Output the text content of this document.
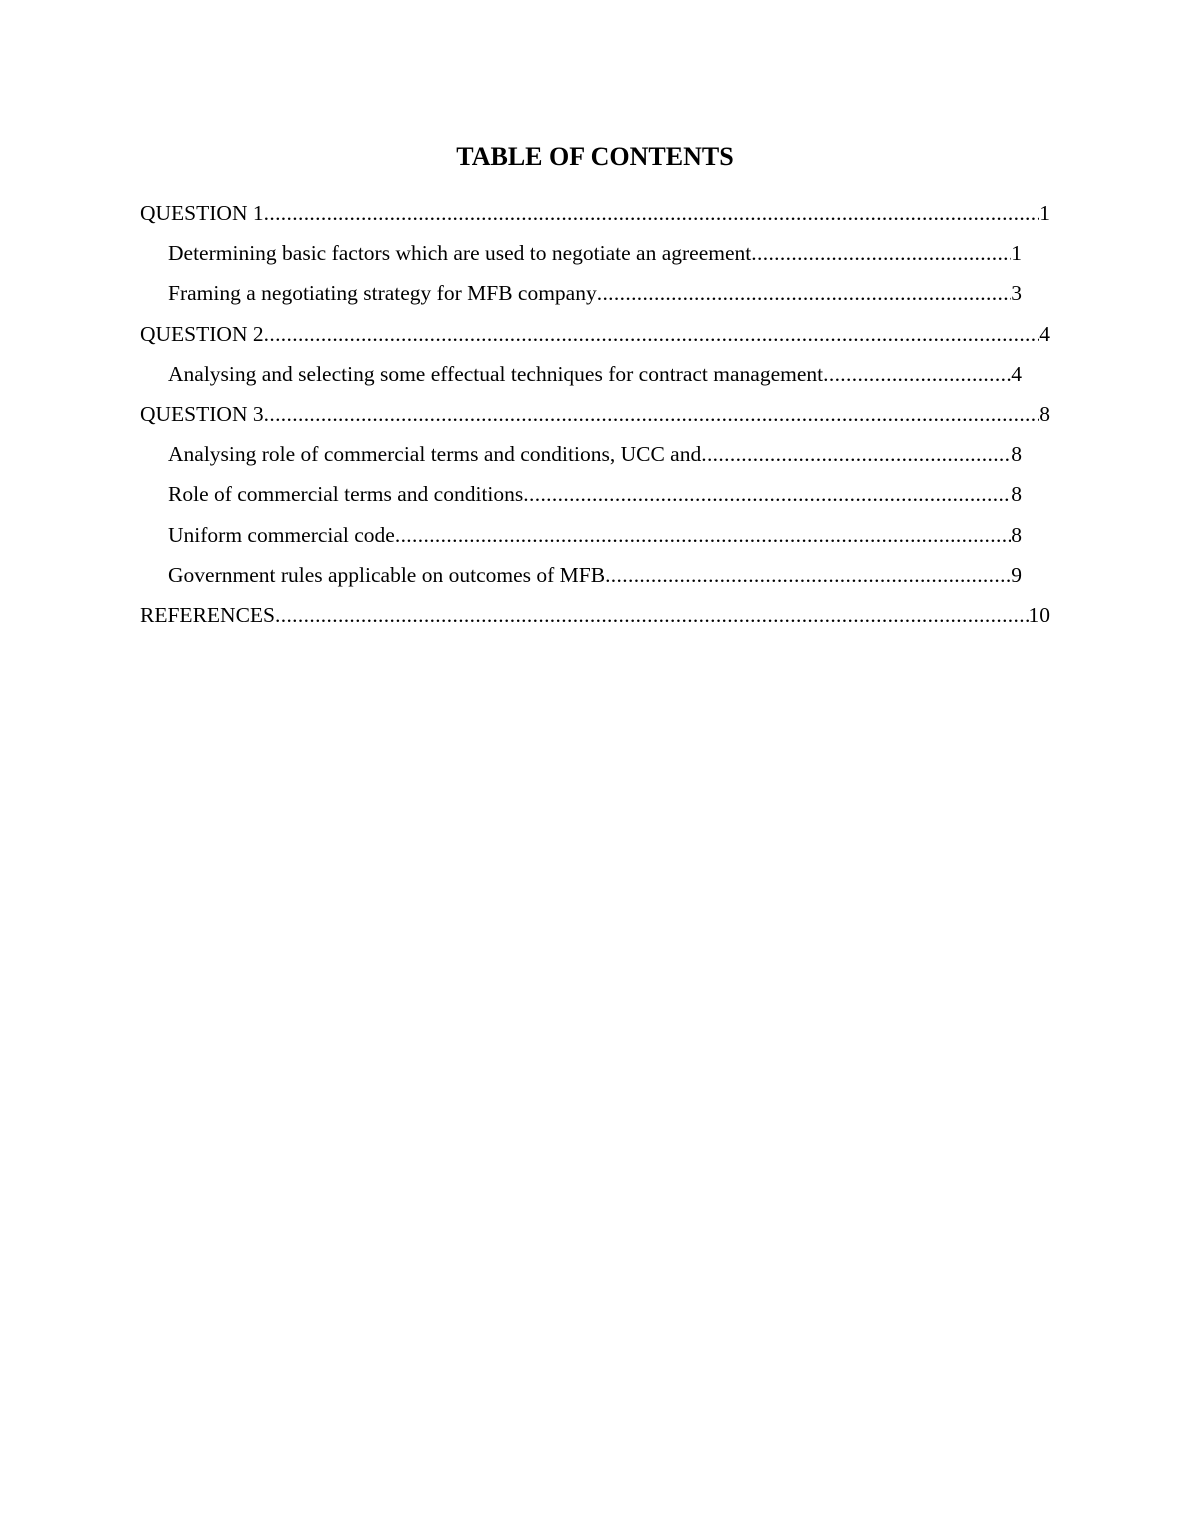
TABLE OF CONTENTS
QUESTION 1 .....	1
Determining basic factors which are used to negotiate an agreement .....	1
Framing a negotiating strategy for MFB company .....	3
QUESTION 2 .....	4
Analysing and selecting some effectual techniques for contract management .....	4
QUESTION 3 .....	8
Analysing role of commercial terms and conditions, UCC and .....	8
Role of commercial terms and conditions .....	8
Uniform commercial code .....	8
Government rules applicable on outcomes of MFB .....	9
REFERENCES .....	10
